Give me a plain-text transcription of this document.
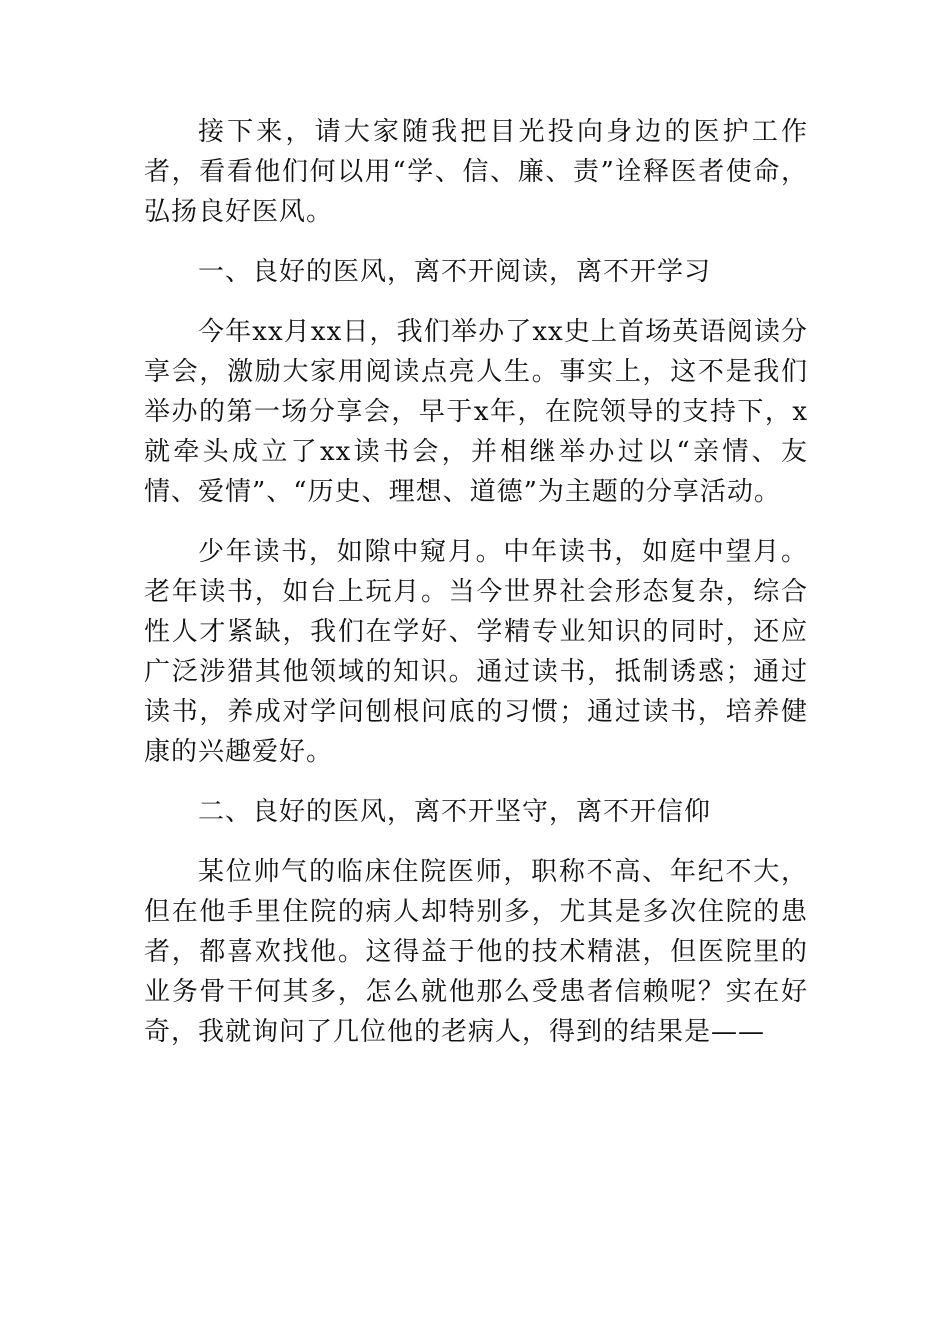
接下来，请大家随我把目光投向身边的医护工作者，看看他们何以用“学、信、廉、责”诠释医者使命，弘扬良好医风。

一、良好的医风，离不开阅读，离不开学习

今年xx月xx日，我们举办了xx史上首场英语阅读分享会，激励大家用阅读点亮人生。事实上，这不是我们举办的第一场分享会，早于x年，在院领导的支持下，x就牵头成立了xx读书会，并相继举办过以“亲情、友情、爱情”、“历史、理想、道德”为主题的分享活动。

少年读书，如隙中窥月。中年读书，如庭中望月。老年读书，如台上玩月。当今世界社会形态复杂，综合性人才紧缺，我们在学好、学精专业知识的同时，还应广泛涉猎其他领域的知识。通过读书，抵制诱惑；通过读书，养成对学问刨根问底的习惯；通过读书，培养健康的兴趣爱好。

二、良好的医风，离不开坚守，离不开信仰

某位帅气的临床住院医师，职称不高、年纪不大，但在他手里住院的病人却特别多，尤其是多次住院的患者，都喜欢找他。这得益于他的技术精湛，但医院里的业务骨干何其多，怎么就他那么受患者信赖呢？实在好奇，我就询问了几位他的老病人，得到的结果是——
